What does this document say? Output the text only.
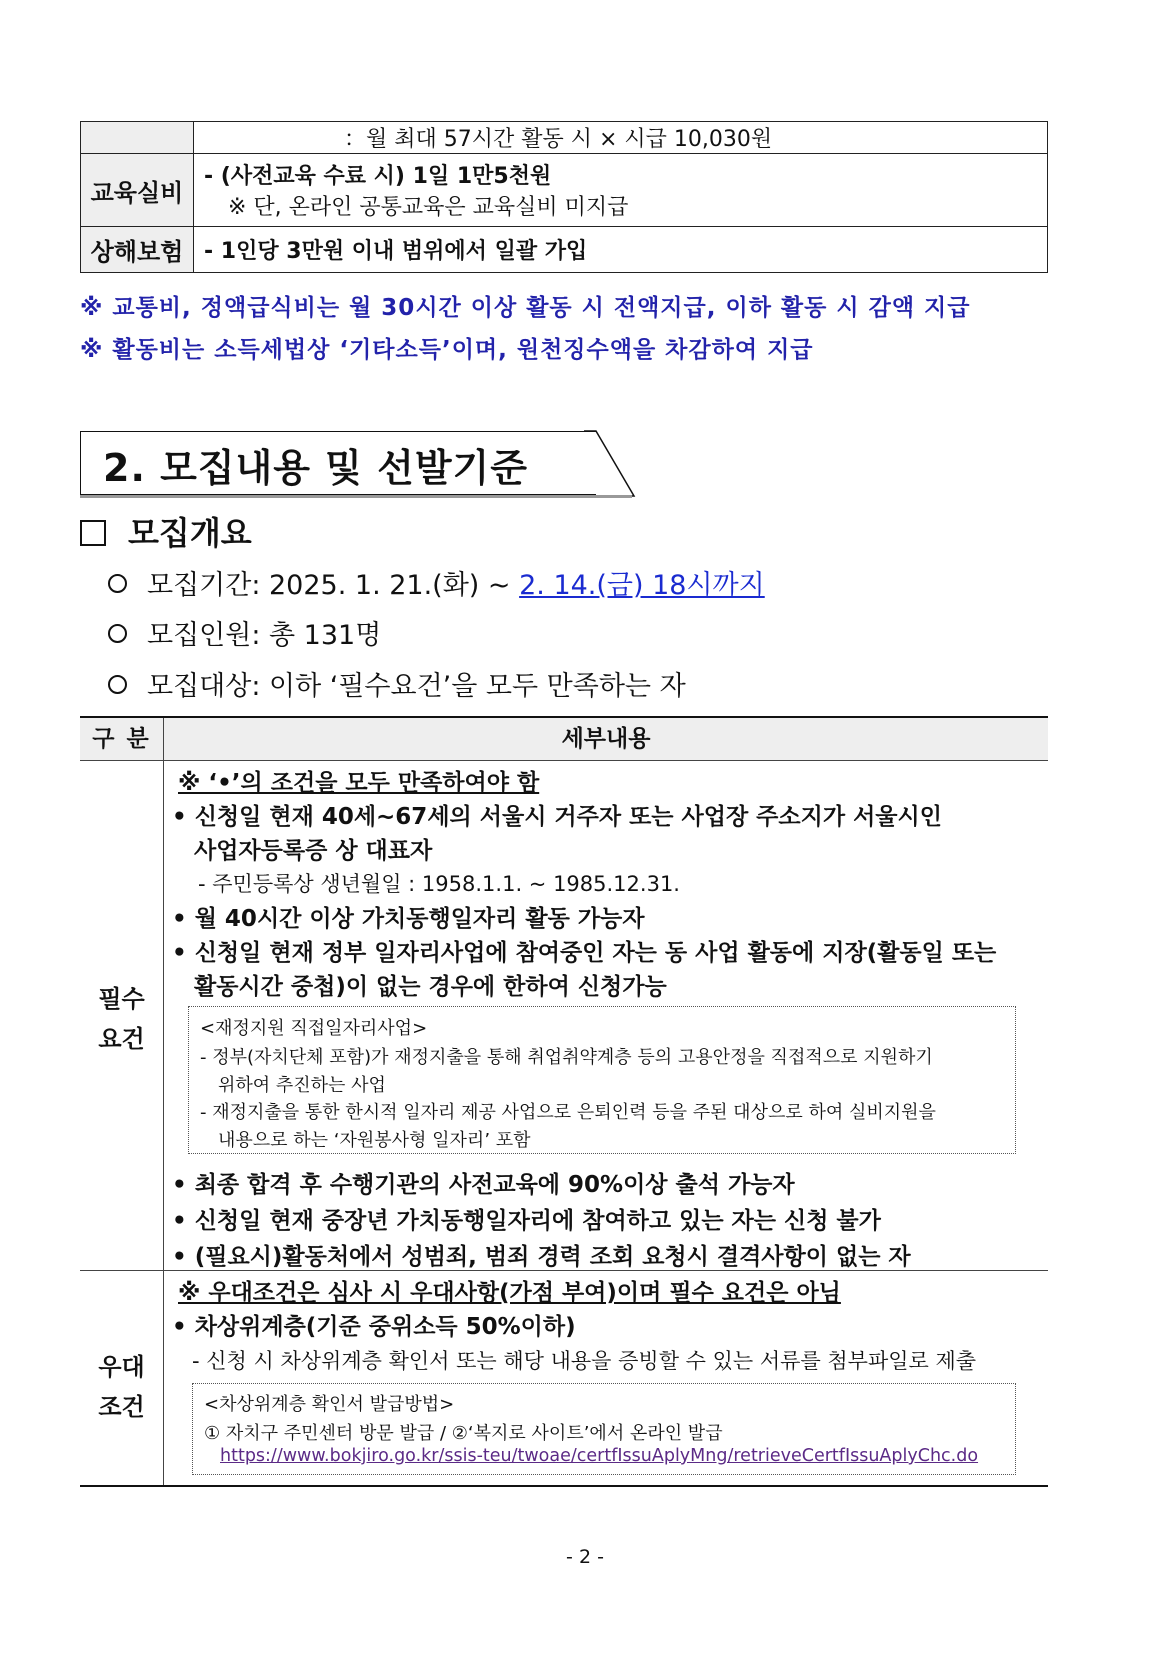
	：월 최대 57시간 활동 시 × 시급 10,030원
교육실비	- (사전교육 수료 시) 1일 1만5천원
※ 단, 온라인 공통교육은 교육실비 미지급

상해보험	- 1인당 3만원 이내 범위에서 일괄 가입
※ 교통비, 정액급식비는 월 30시간 이상 활동 시 전액지급, 이하 활동 시 감액 지급
※ 활동비는 소득세법상 ‘기타소득’이며, 원천징수액을 차감하여 지급
2. 모집내용 및 선발기준
모집개요
모집기간: 2025. 1. 21.(화) ~ 2. 14.(금) 18시까지
모집인원: 총 131명
모집대상: 이하 ‘필수요건’을 모두 만족하는 자
구 분	세부내용
필수
요건
※ ‘•’의 조건을 모두 만족하여야 함
• 신청일 현재 40세~67세의 서울시 거주자 또는 사업장 주소지가 서울시인
사업자등록증 상 대표자
- 주민등록상 생년월일 : 1958.1.1. ~ 1985.12.31.
• 월 40시간 이상 가치동행일자리 활동 가능자
• 신청일 현재 정부 일자리사업에 참여중인 자는 동 사업 활동에 지장(활동일 또는
활동시간 중첩)이 없는 경우에 한하여 신청가능
<재정지원 직접일자리사업>
- 정부(자치단체 포함)가 재정지출을 통해 취업취약계층 등의 고용안정을 직접적으로 지원하기
위하여 추진하는 사업
- 재정지출을 통한 한시적 일자리 제공 사업으로 은퇴인력 등을 주된 대상으로 하여 실비지원을
내용으로 하는 ‘자원봉사형 일자리’ 포함
• 최종 합격 후 수행기관의 사전교육에 90%이상 출석 가능자
• 신청일 현재 중장년 가치동행일자리에 참여하고 있는 자는 신청 불가
• (필요시)활동처에서 성범죄, 범죄 경력 조회 요청시 결격사항이 없는 자
우대
조건
※ 우대조건은 심사 시 우대사항(가점 부여)이며 필수 요건은 아님
• 차상위계층(기준 중위소득 50%이하)
- 신청 시 차상위계층 확인서 또는 해당 내용을 증빙할 수 있는 서류를 첨부파일로 제출
<차상위계층 확인서 발급방법>
① 자치구 주민센터 방문 발급 / ②‘복지로 사이트’에서 온라인 발급
https://www.bokjiro.go.kr/ssis-teu/twoae/certfIssuAplyMng/retrieveCertfIssuAplyChc.do
- 2 -
